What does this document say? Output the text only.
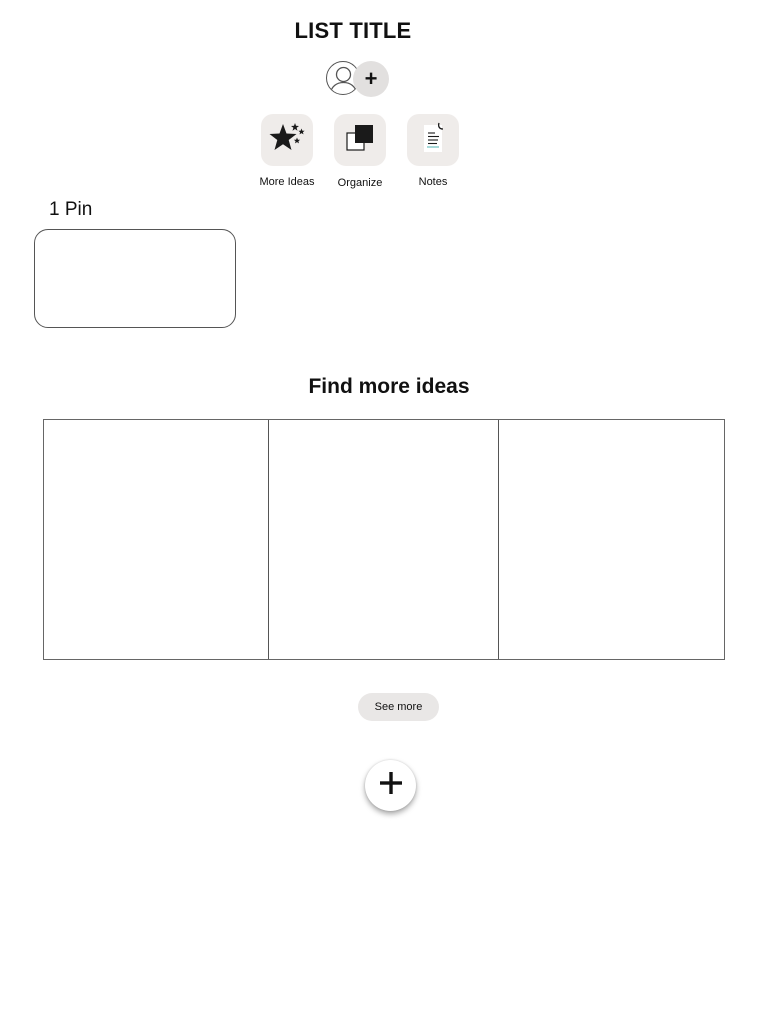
LIST TITLE
+
More Ideas	Organize	Notes
1 Pin
Find more ideas
See more
